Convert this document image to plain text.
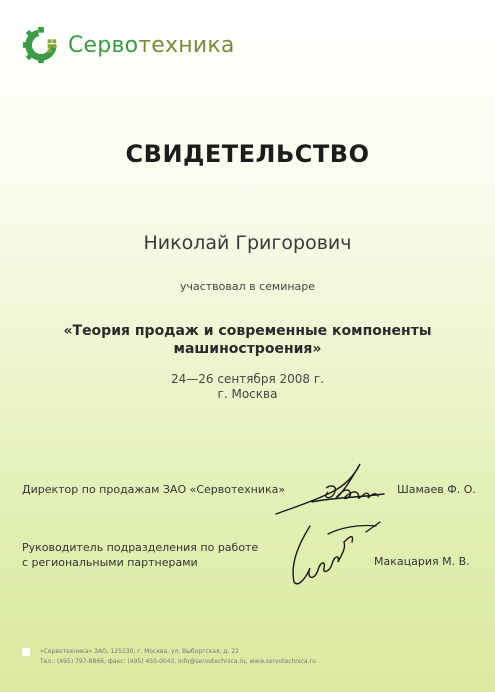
Сервотехника
СВИДЕТЕЛЬСТВО
Николай Григорович
участвовал в семинаре
«Теория продаж и современные компоненты машиностроения»
24—26 сентября 2008 г.
г. Москва
Директор по продажам ЗАО «Сервотехника»	Шамаев Ф. О.
Руководитель подразделения по работе с региональными партнерами	Макацария М. В.
«Сервотехника» ЗАО, 125130, г. Москва, ул. Выборгская, д. 22
Тел.: (495) 797-8866, факс: (495) 450-0043, info@servotechnica.ru, www.servotechnica.ru
